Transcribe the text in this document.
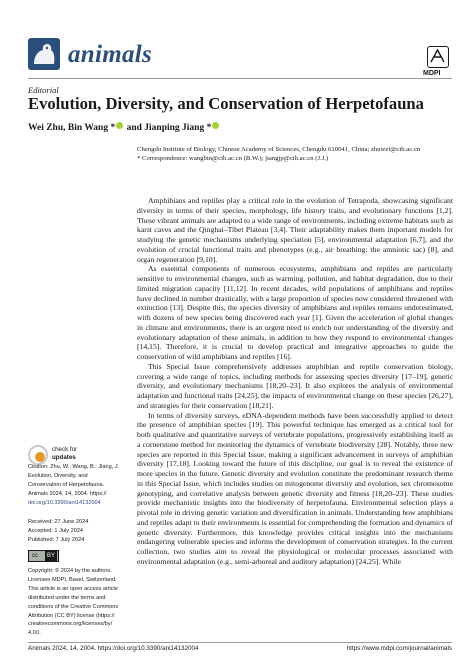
animals
MDPI
Editorial
Evolution, Diversity, and Conservation of Herpetofauna
Wei Zhu, Bin Wang * and Jianping Jiang *
Chengdu Institute of Biology, Chinese Academy of Sciences, Chengdu 610041, China; zhuwei@cib.ac.cn
* Correspondence: wangbin@cib.ac.cn (B.W.); jiangjp@cib.ac.cn (J.J.)
check for
updates
Citation: Zhu, W.; Wang, B.; Jiang, J.
Evolution, Diversity, and
Conservation of Herpetofauna.
Animals 2024, 14, 2004. https://
doi.org/10.3390/ani14132004
Received: 27 June 2024
Accepted: 1 July 2024
Published: 7 July 2024
cc	BY
Copyright: © 2024 by the authors.
Licensee MDPI, Basel, Switzerland.
This article is an open access article
distributed under the terms and
conditions of the Creative Commons
Attribution (CC BY) license (https://
creativecommons.org/licenses/by/
4.0/).

Amphibians and reptiles play a critical role in the evolution of Tetrapoda, showcasing significant diversity in terms of their species, morphology, life history traits, and evolutionary functions [1,2]. These vibrant animals are adapted to a wide range of environments, including extreme habitats such as karst caves and the Qinghai–Tibet Plateau [3,4]. Their adaptability makes them important models for studying the genetic mechanisms underlying speciation [5], environmental adaptation [6,7], and the evolution of crucial functional traits and phenotypes (e.g., air breathing; the amniotic sac) [8], and organ regeneration [9,10].

As essential components of numerous ecosystems, amphibians and reptiles are particularly sensitive to environmental changes, such as warming, pollution, and habitat degradation, due to their limited migration capacity [11,12]. In recent decades, wild populations of amphibians and reptiles have declined in number drastically, with a large proportion of species now considered threatened with extinction [13]. Despite this, the species diversity of amphibians and reptiles remains underestimated, with dozens of new species being discovered each year [1]. Given the acceleration of global changes in climate and environments, there is an urgent need to enrich our understanding of the diversity and evolutionary adaptation of these animals, in addition to how they respond to environmental changes [14,15]. Therefore, it is crucial to develop practical and integrative approaches to guide the conservation of wild amphibians and reptiles [16].

This Special Issue comprehensively addresses amphibian and reptile conservation biology, covering a wide range of topics, including methods for assessing species diversity [17–19], genetic diversity, and evolutionary mechanisms [18,20–23]. It also explores the analysis of environmental adaptation and functional traits [24,25], the impacts of environmental change on these species [26,27], and strategies for their conservation [18,21].

In terms of diversity surveys, eDNA-dependent methods have been successfully applied to detect the presence of amphibian species [19]. This powerful technique has emerged as a critical tool for both qualitative and quantitative surveys of vertebrate populations, progressively establishing itself as a cornerstone method for monitoring the dynamics of vertebrate biodiversity [28]. Notably, three new species are reported in this Special Issue, making a significant advancement in surveys of amphibian diversity [17,18]. Looking toward the future of this discipline, our goal is to reveal the existence of more species in the future. Genetic diversity and evolution constitute the predominant research theme in this Special Issue, which includes studies on mitogenome diversity and evolution, sex chromosome genotyping, and correlative analysis between genetic diversity and fitness [18,20–23]. These studies provide mechanistic insights into the biodiversity of herpetofauna. Environmental selection plays a pivotal role in driving genetic variation and diversification in animals. Understanding how amphibians and reptiles adapt to their environments is essential for comprehending the formation and dynamics of genetic diversity. Furthermore, this knowledge provides critical insights into the mechanisms endangering vulnerable species and informs the development of conservation strategies. In the current collection, two studies aim to reveal the physiological or molecular processes associated with environmental adaptation (e.g., semi-arboreal and auditory adaptation) [24,25]. While

Animals 2024, 14, 2004. https://doi.org/10.3390/ani14132004	https://www.mdpi.com/journal/animals
